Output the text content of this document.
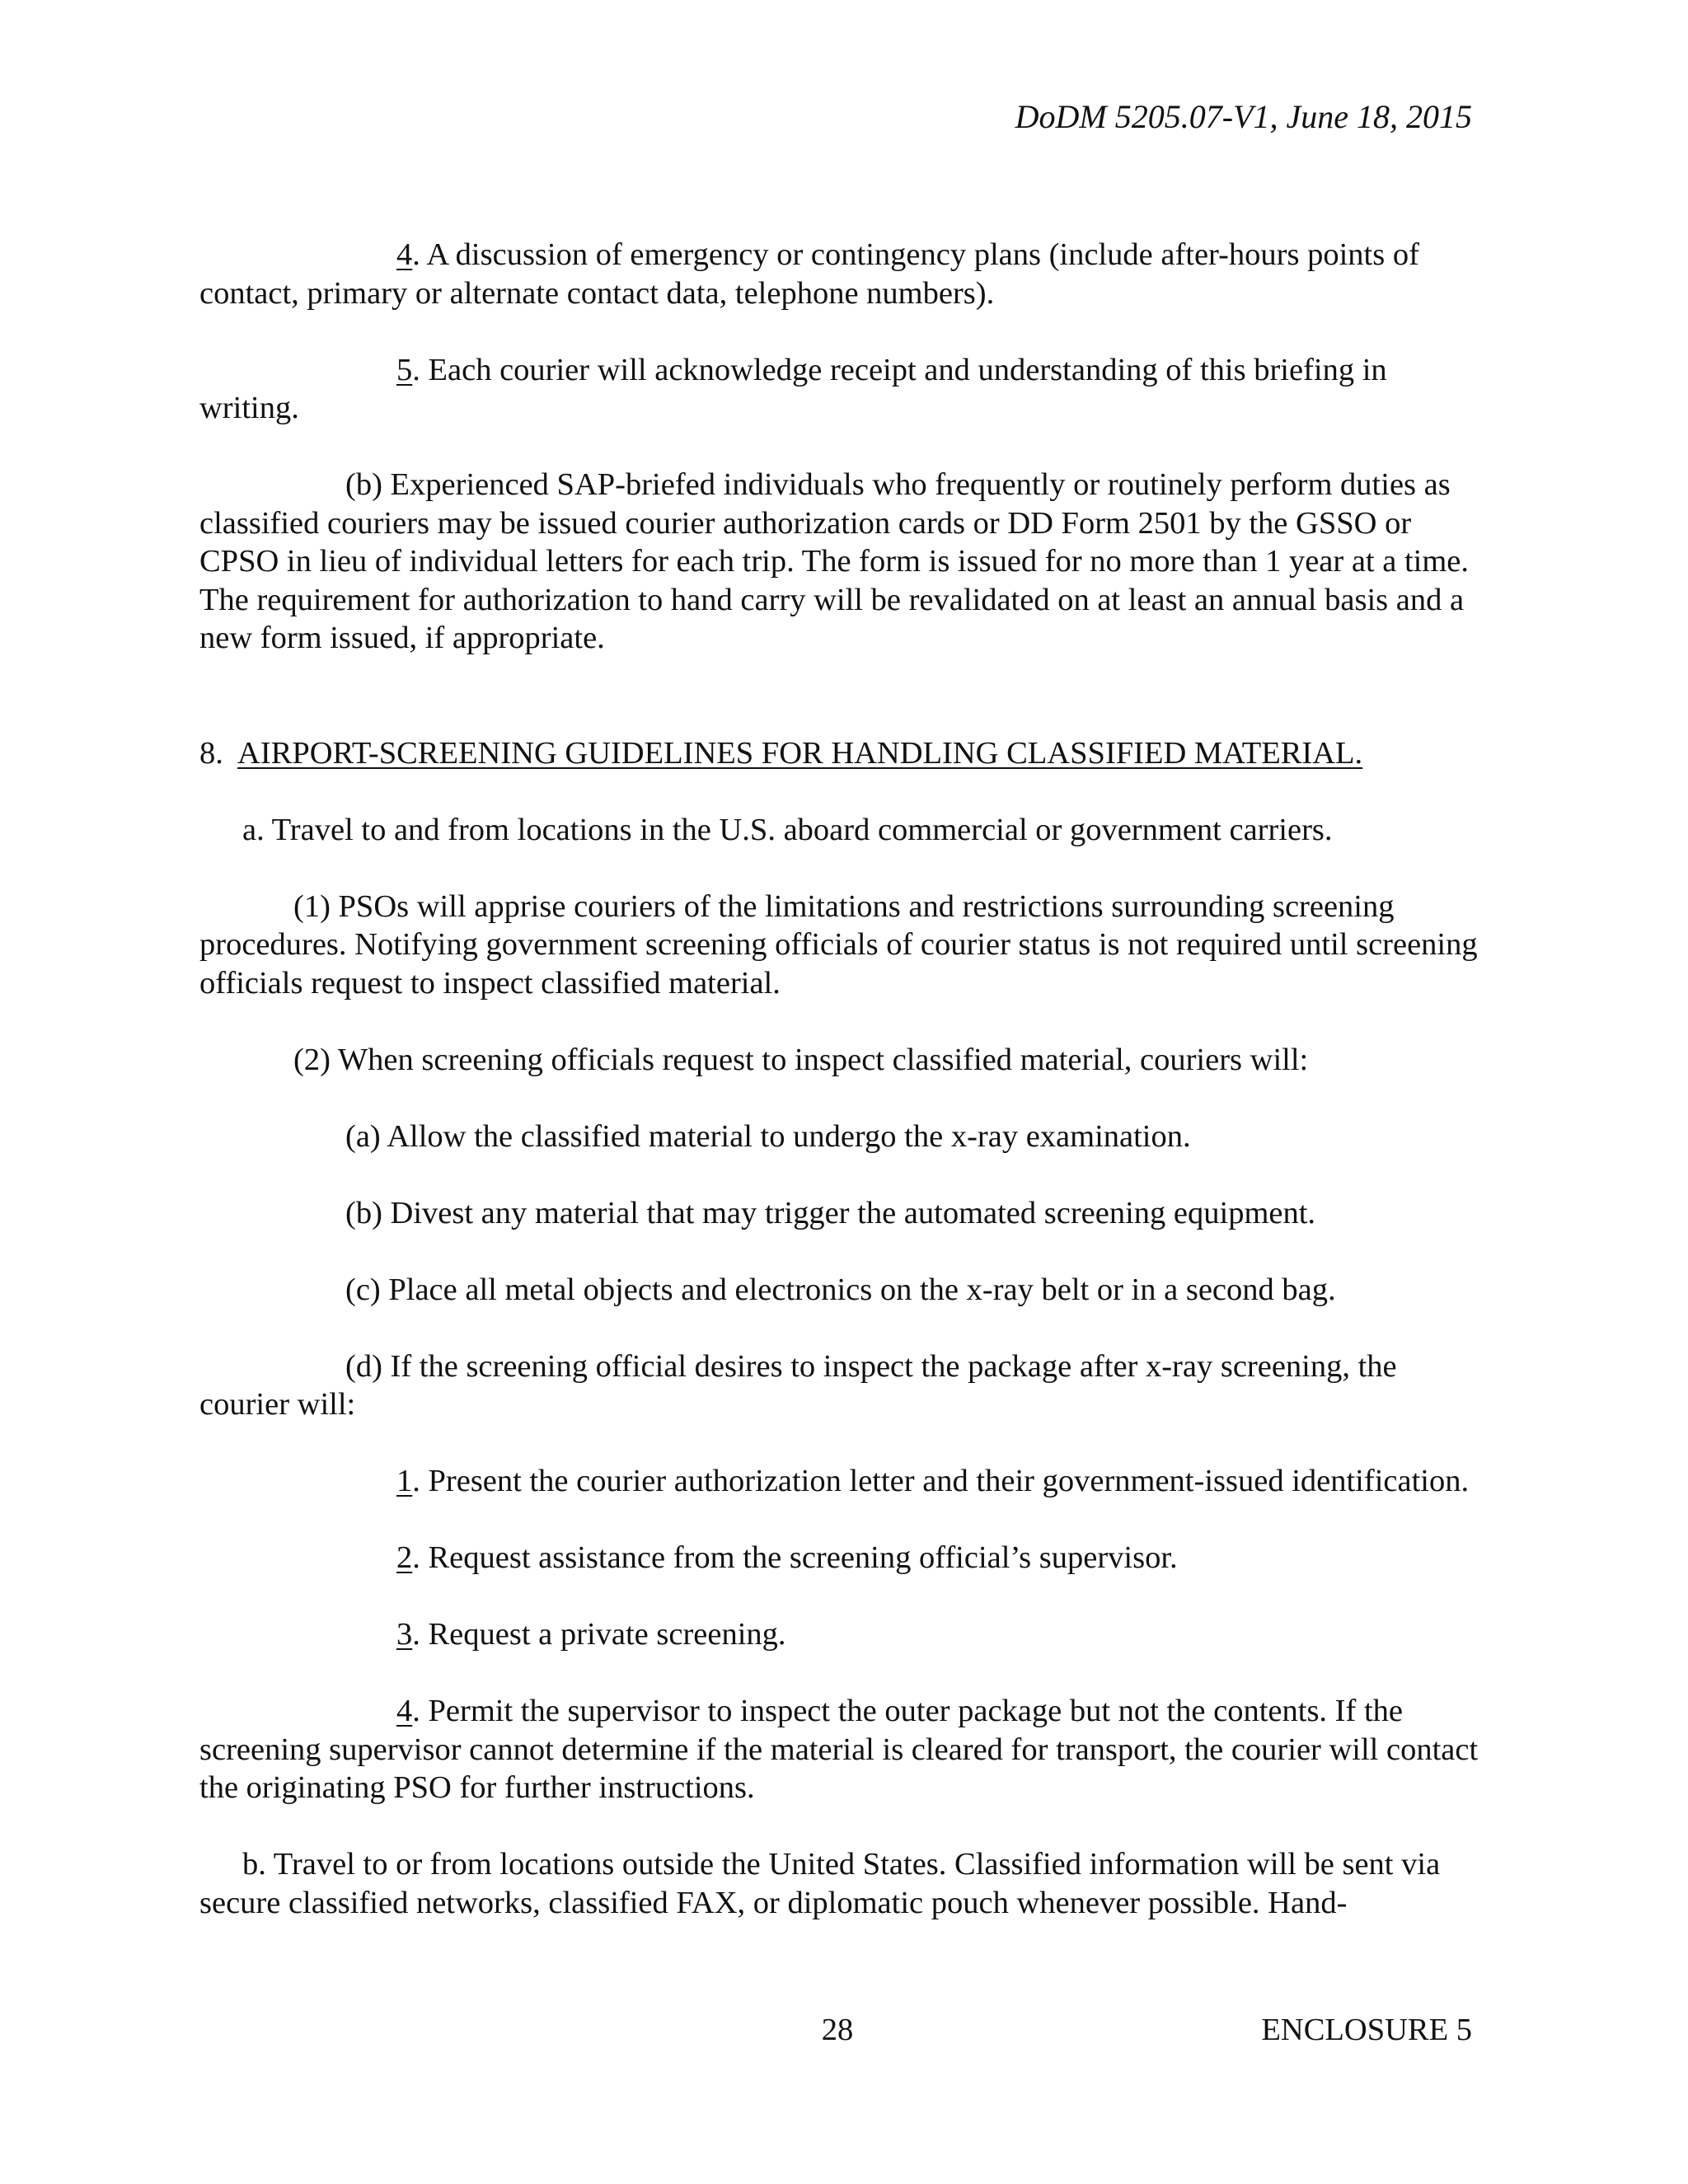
DoDM 5205.07-V1, June 18, 2015

4. A discussion of emergency or contingency plans (include after-hours points of contact, primary or alternate contact data, telephone numbers).

5. Each courier will acknowledge receipt and understanding of this briefing in writing.

(b) Experienced SAP-briefed individuals who frequently or routinely perform duties as classified couriers may be issued courier authorization cards or DD Form 2501 by the GSSO or CPSO in lieu of individual letters for each trip. The form is issued for no more than 1 year at a time. The requirement for authorization to hand carry will be revalidated on at least an annual basis and a new form issued, if appropriate.

8. AIRPORT-SCREENING GUIDELINES FOR HANDLING CLASSIFIED MATERIAL.

a. Travel to and from locations in the U.S. aboard commercial or government carriers.

(1) PSOs will apprise couriers of the limitations and restrictions surrounding screening procedures. Notifying government screening officials of courier status is not required until screening officials request to inspect classified material.

(2) When screening officials request to inspect classified material, couriers will:

(a) Allow the classified material to undergo the x-ray examination.

(b) Divest any material that may trigger the automated screening equipment.

(c) Place all metal objects and electronics on the x-ray belt or in a second bag.

(d) If the screening official desires to inspect the package after x-ray screening, the courier will:

1. Present the courier authorization letter and their government-issued identification.

2. Request assistance from the screening official’s supervisor.

3. Request a private screening.

4. Permit the supervisor to inspect the outer package but not the contents. If the screening supervisor cannot determine if the material is cleared for transport, the courier will contact the originating PSO for further instructions.

b. Travel to or from locations outside the United States. Classified information will be sent via secure classified networks, classified FAX, or diplomatic pouch whenever possible. Hand-

28	ENCLOSURE 5
